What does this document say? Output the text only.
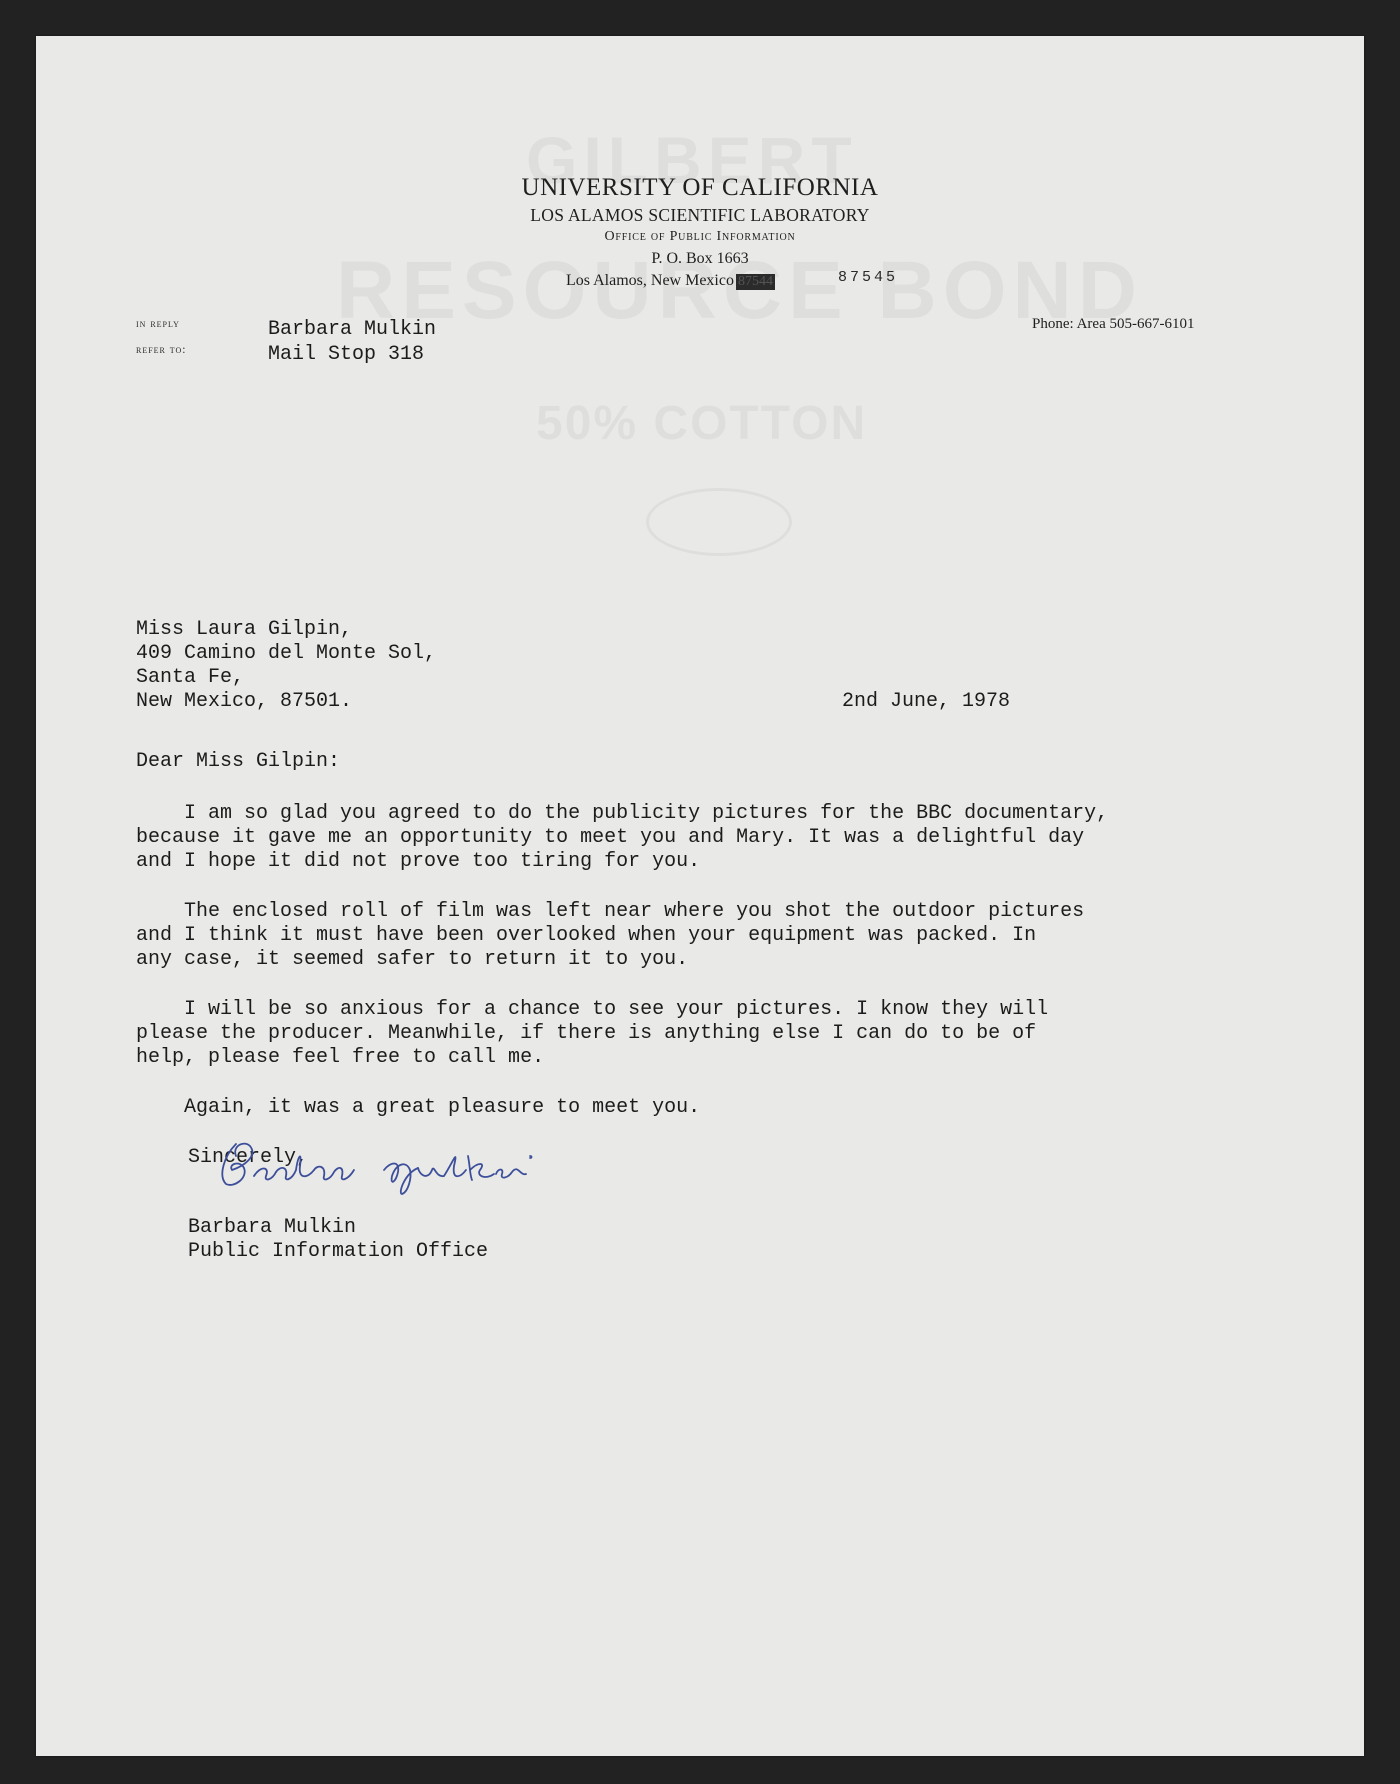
UNIVERSITY OF CALIFORNIA
LOS ALAMOS SCIENTIFIC LABORATORY
Office of Public Information
P. O. Box 1663
Los Alamos, New Mexico 87544	87545
in reply
refer to:
Barbara Mulkin
Mail Stop 318
Phone: Area 505-667-6101
Miss Laura Gilpin,
409 Camino del Monte Sol,
Santa Fe,
New Mexico, 87501.	2nd June, 1978
Dear Miss Gilpin:
I am so glad you agreed to do the publicity pictures for the BBC documentary,
because it gave me an opportunity to meet you and Mary. It was a delightful day
and I hope it did not prove too tiring for you.
The enclosed roll of film was left near where you shot the outdoor pictures
and I think it must have been overlooked when your equipment was packed. In
any case, it seemed safer to return it to you.
I will be so anxious for a chance to see your pictures. I know they will
please the producer. Meanwhile, if there is anything else I can do to be of
help, please feel free to call me.
Again, it was a great pleasure to meet you.
Sincerely,
Barbara Mulkin
Public Information Office
